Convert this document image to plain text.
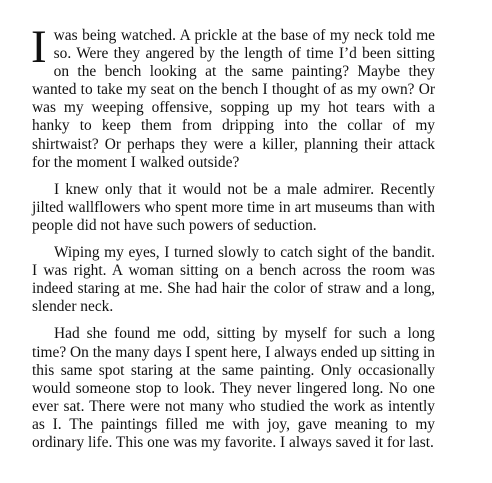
I was being watched. A prickle at the base of my neck told me so. Were they angered by the length of time I’d been sitting on the bench looking at the same painting? Maybe they wanted to take my seat on the bench I thought of as my own? Or was my weeping offensive, sopping up my hot tears with a hanky to keep them from dripping into the collar of my shirtwaist? Or perhaps they were a killer, planning their attack for the moment I walked outside?

I knew only that it would not be a male admirer. Recently jilted wallflowers who spent more time in art museums than with people did not have such powers of seduction.

Wiping my eyes, I turned slowly to catch sight of the bandit. I was right. A woman sitting on a bench across the room was indeed staring at me. She had hair the color of straw and a long, slender neck.

Had she found me odd, sitting by myself for such a long time? On the many days I spent here, I always ended up sitting in this same spot staring at the same painting. Only occasionally would someone stop to look. They never lingered long. No one ever sat. There were not many who studied the work as intently as I. The paintings filled me with joy, gave meaning to my ordinary life. This one was my favorite. I always saved it for last.
